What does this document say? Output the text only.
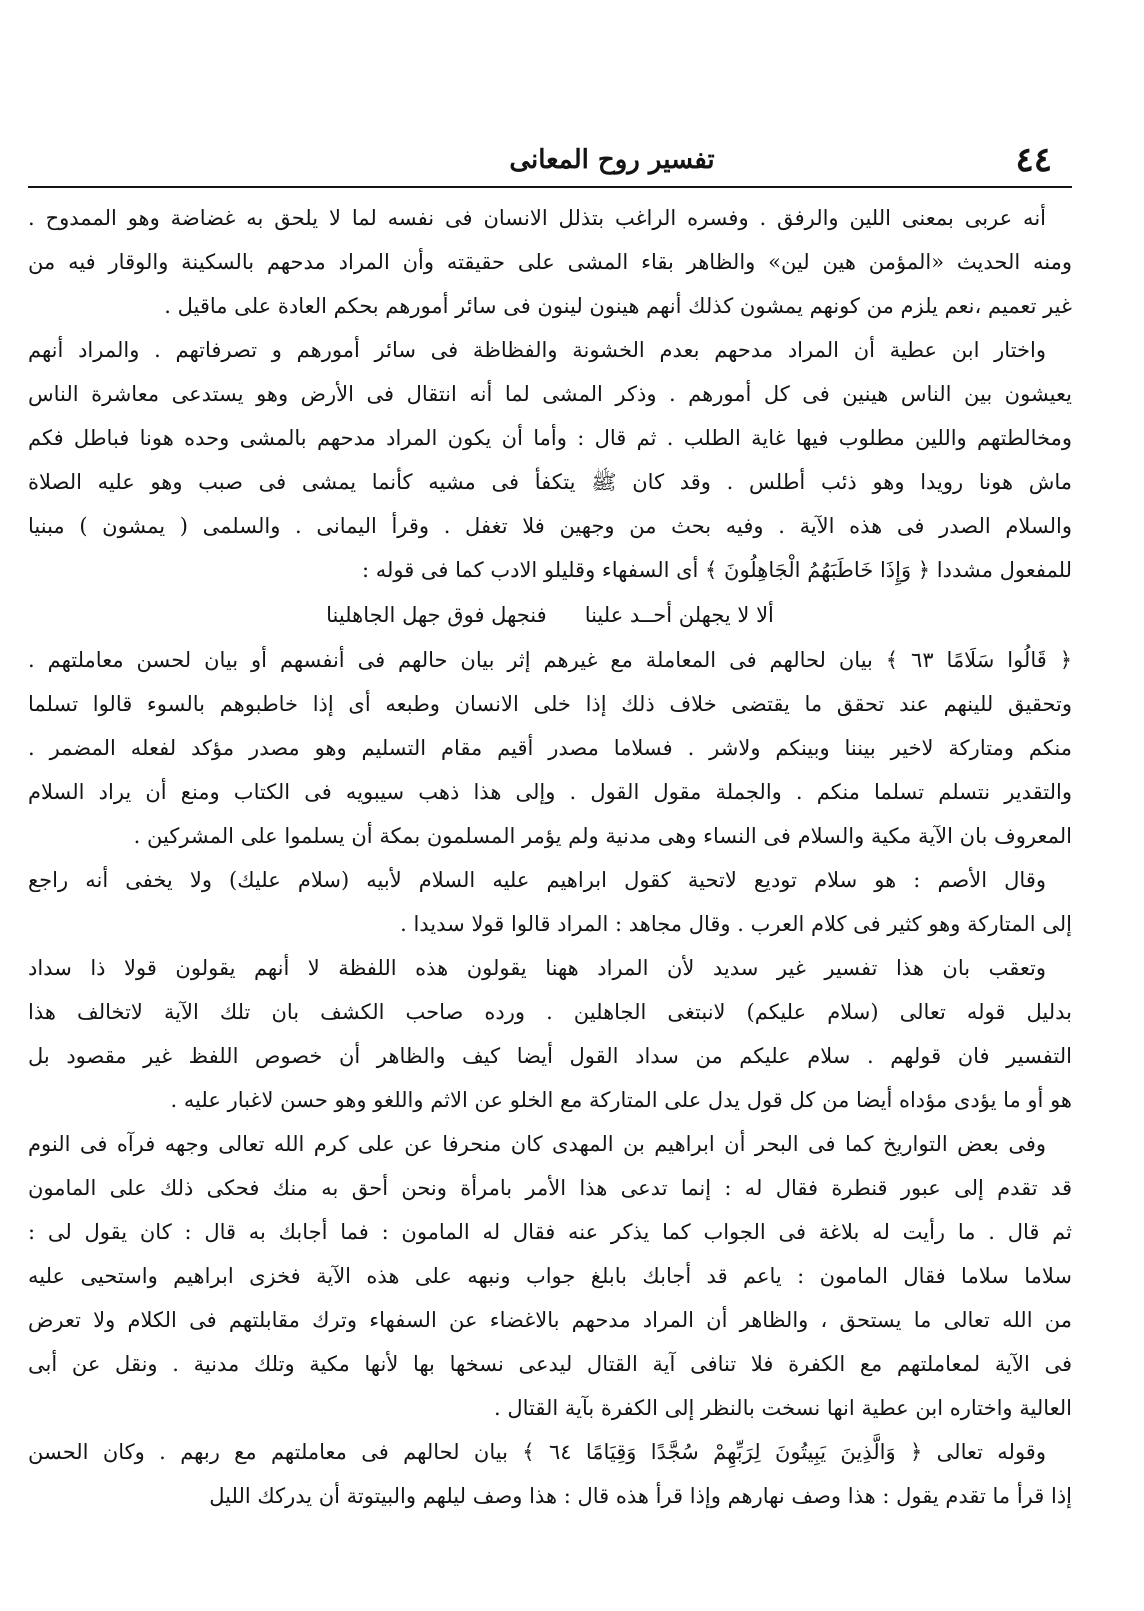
٤٤
تفسير روح المعانى
أنه عربى بمعنى اللين والرفق . وفسره الراغب بتذلل الانسان فى نفسه لما لا يلحق به غضاضة وهو الممدوح .
ومنه الحديث «المؤمن هين لين» والظاهر بقاء المشى على حقيقته وأن المراد مدحهم بالسكينة والوقار فيه من
غير تعميم ،نعم يلزم من كونهم يمشون كذلك أنهم هينون لينون فى سائر أمورهم بحكم العادة على ماقيل .
واختار ابن عطية أن المراد مدحهم بعدم الخشونة والفظاظة فى سائر أمورهم و تصرفاتهم . والمراد أنهم
يعيشون بين الناس هينين فى كل أمورهم . وذكر المشى لما أنه انتقال فى الأرض وهو يستدعى معاشرة الناس
ومخالطتهم واللين مطلوب فيها غاية الطلب . ثم قال : وأما أن يكون المراد مدحهم بالمشى وحده هونا فباطل فكم
ماش هونا رويدا وهو ذئب أطلس . وقد كان ﷺ يتكفأ فى مشيه كأنما يمشى فى صبب وهو عليه الصلاة
والسلام الصدر فى هذه الآية . وفيه بحث من وجهين فلا تغفل . وقرأ اليمانى . والسلمى ( يمشون ) مبنيا
للمفعول مشددا ﴿ وَإِذَا خَاطَبَهُمُ الْجَاهِلُونَ ﴾ أى السفهاء وقليلو الادب كما فى قوله :
ألا لا يجهلن أحــد علينا
فنجهل فوق جهل الجاهلينا
﴿ قَالُوا سَلَامًا ٦٣ ﴾ بيان لحالهم فى المعاملة مع غيرهم إثر بيان حالهم فى أنفسهم أو بيان لحسن معاملتهم .
وتحقيق للينهم عند تحقق ما يقتضى خلاف ذلك إذا خلى الانسان وطبعه أى إذا خاطبوهم بالسوء قالوا تسلما
منكم ومتاركة لاخير بيننا وبينكم ولاشر . فسلاما مصدر أقيم مقام التسليم وهو مصدر مؤكد لفعله المضمر .
والتقدير نتسلم تسلما منكم . والجملة مقول القول . وإلى هذا ذهب سيبويه فى الكتاب ومنع أن يراد السلام
المعروف بان الآية مكية والسلام فى النساء وهى مدنية ولم يؤمر المسلمون بمكة أن يسلموا على المشركين .
وقال الأصم : هو سلام توديع لاتحية كقول ابراهيم عليه السلام لأبيه (سلام عليك) ولا يخفى أنه راجع
إلى المتاركة وهو كثير فى كلام العرب . وقال مجاهد : المراد قالوا قولا سديدا .
وتعقب بان هذا تفسير غير سديد لأن المراد ههنا يقولون هذه اللفظة لا أنهم يقولون قولا ذا سداد
بدليل قوله تعالى (سلام عليكم) لانبتغى الجاهلين . ورده صاحب الكشف بان تلك الآية لاتخالف هذا
التفسير فان قولهم . سلام عليكم من سداد القول أيضا كيف والظاهر أن خصوص اللفظ غير مقصود بل
هو أو ما يؤدى مؤداه أيضا من كل قول يدل على المتاركة مع الخلو عن الاثم واللغو وهو حسن لاغبار عليه .
وفى بعض التواريخ كما فى البحر أن ابراهيم بن المهدى كان منحرفا عن على كرم الله تعالى وجهه فرآه فى النوم
قد تقدم إلى عبور قنطرة فقال له : إنما تدعى هذا الأمر بامرأة ونحن أحق به منك فحكى ذلك على المامون
ثم قال . ما رأيت له بلاغة فى الجواب كما يذكر عنه فقال له المامون : فما أجابك به قال : كان يقول لى :
سلاما سلاما فقال المامون : ياعم قد أجابك بابلغ جواب ونبهه على هذه الآية فخزى ابراهيم واستحيى عليه
من الله تعالى ما يستحق ، والظاهر أن المراد مدحهم بالاغضاء عن السفهاء وترك مقابلتهم فى الكلام ولا تعرض
فى الآية لمعاملتهم مع الكفرة فلا تنافى آية القتال ليدعى نسخها بها لأنها مكية وتلك مدنية . ونقل عن أبى
العالية واختاره ابن عطية انها نسخت بالنظر إلى الكفرة بآية القتال .
وقوله تعالى ﴿ وَالَّذِينَ يَبِيتُونَ لِرَبِّهِمْ سُجَّدًا وَقِيَامًا ٦٤ ﴾ بيان لحالهم فى معاملتهم مع ربهم . وكان الحسن
إذا قرأ ما تقدم يقول : هذا وصف نهارهم وإذا قرأ هذه قال : هذا وصف ليلهم والبيتوتة أن يدركك الليل
